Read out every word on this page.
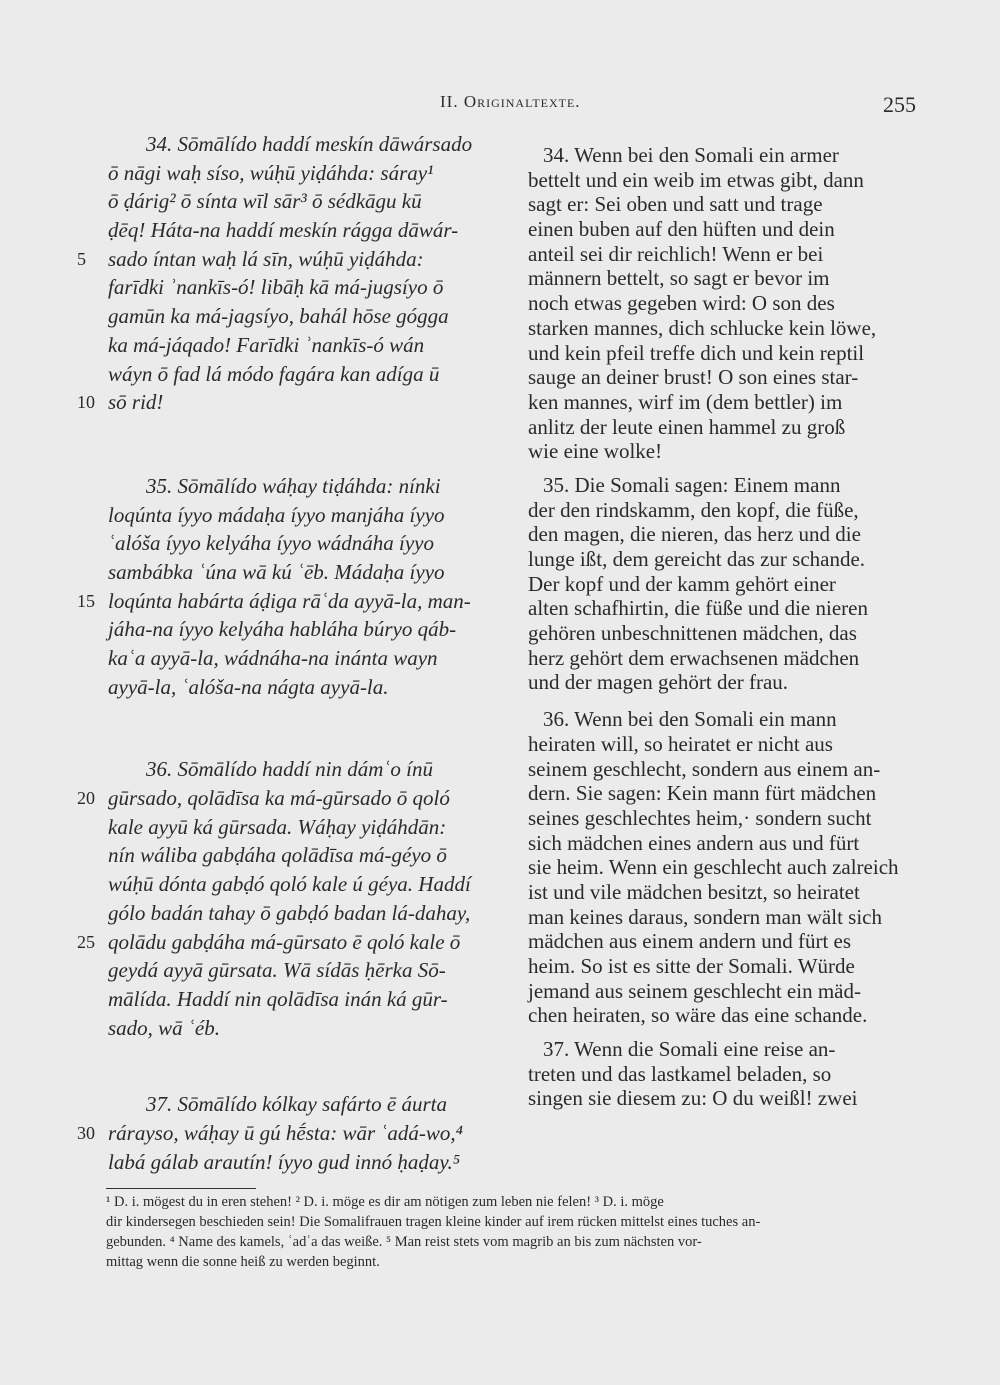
II. Originaltexte.	255
34. Sōmālído haddí meskín dāwársado
ō nāgi waḥ síso, wúḥū yiḍáhda: sáray¹
ō ḍárig² ō sínta wīl sār³ ō sédkāgu kū
ḍēq! Háta-na haddí meskín rágga dāwár-
5 sado íntan waḥ lá sīn, wúḥū yiḍáhda:
farīdki ʾnankīs-ó! libāḥ kā má-jugsíyo ō
gamūn ka má-jagsíyo, bahál hōse gógga
ka má-jáqado! Farīdki ʾnankīs-ó wán
wáyn ō fad lá módo fagára kan adíga ū
10 sō rid!
35. Sōmālído wáḥay tiḍáhda: nínki
loqúnta íyyo mádaḥa íyyo manjáha íyyo
ʿalóša íyyo kelyáha íyyo wádnáha íyyo
sambábka ʿúna wā kú ʿēb. Mádaḥa íyyo
15 loqúnta habárta áḍiga rāʿda ayyā-la, man-
jáha-na íyyo kelyáha habláha búryo qáb-
kaʿa ayyā-la, wádnáha-na inánta wayn
ayyā-la, ʿalóša-na nágta ayyā-la.
36. Sōmālído haddí nin dámʿo ínū
20 gūrsado, qolādīsa ka má-gūrsado ō qoló
kale ayyū ká gūrsada. Wáḥay yiḍáhdān:
nín wáliba gabḍáha qolādīsa má-géyo ō
wúḥū dónta gabḍó qoló kale ú géya. Haddí
gólo badán tahay ō gabḍó badan lá-dahay,
25 qolādu gabḍáha má-gūrsato ē qoló kale ō
geydá ayyā gūrsata. Wā sídās ḥērka Sō-
mālída. Haddí nin qolādīsa inán ká gūr-
sado, wā ʿéb.
37. Sōmālído kólkay safárto ē áurta
30 rárayso, wáḥay ū gú hḗsta: wār ʿadá-wo,⁴
labá gálab arautín! íyyo gud innó ḥaḍay.⁵
34. Wenn bei den Somali ein armer
bettelt und ein weib im etwas gibt, dann
sagt er: Sei oben und satt und trage
einen buben auf den hüften und dein
anteil sei dir reichlich! Wenn er bei
männern bettelt, so sagt er bevor im
noch etwas gegeben wird: O son des
starken mannes, dich schlucke kein löwe,
und kein pfeil treffe dich und kein reptil
sauge an deiner brust! O son eines star-
ken mannes, wirf im (dem bettler) im
anlitz der leute einen hammel zu groß
wie eine wolke!
35. Die Somali sagen: Einem mann
der den rindskamm, den kopf, die füße,
den magen, die nieren, das herz und die
lunge ißt, dem gereicht das zur schande.
Der kopf und der kamm gehört einer
alten schafhirtin, die füße und die nieren
gehören unbeschnittenen mädchen, das
herz gehört dem erwachsenen mädchen
und der magen gehört der frau.
36. Wenn bei den Somali ein mann
heiraten will, so heiratet er nicht aus
seinem geschlecht, sondern aus einem an-
dern. Sie sagen: Kein mann fürt mädchen
seines geschlechtes heim,· sondern sucht
sich mädchen eines andern aus und fürt
sie heim. Wenn ein geschlecht auch zalreich
ist und vile mädchen besitzt, so heiratet
man keines daraus, sondern man wält sich
mädchen aus einem andern und fürt es
heim. So ist es sitte der Somali. Würde
jemand aus seinem geschlecht ein mäd-
chen heiraten, so wäre das eine schande.
37. Wenn die Somali eine reise an-
treten und das lastkamel beladen, so
singen sie diesem zu: O du weißl! zwei
¹ D. i. mögest du in eren stehen! ² D. i. möge es dir am nötigen zum leben nie felen! ³ D. i. möge
dir kindersegen beschieden sein! Die Somalifrauen tragen kleine kinder auf irem rücken mittelst eines tuches an-
gebunden. ⁴ Name des kamels, ʿadʿa das weiße. ⁵ Man reist stets vom magrib an bis zum nächsten vor-
mittag wenn die sonne heiß zu werden beginnt.
